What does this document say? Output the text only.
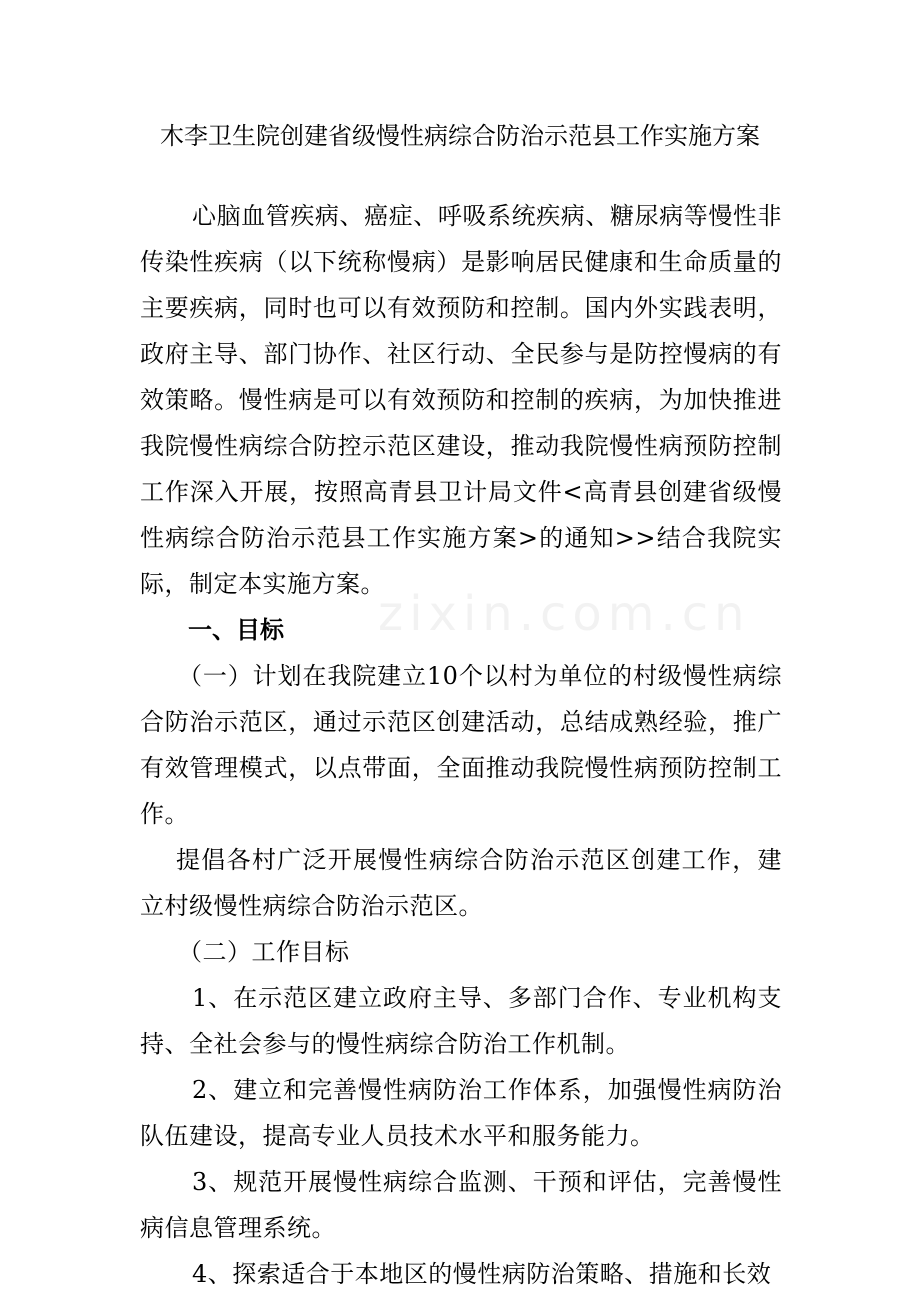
zixin.com.cn
木李卫生院创建省级慢性病综合防治示范县工作实施方案

心脑血管疾病、癌症、呼吸系统疾病、糖尿病等慢性非传染性疾病（以下统称慢病）是影响居民健康和生命质量的主要疾病，同时也可以有效预防和控制。国内外实践表明，政府主导、部门协作、社区行动、全民参与是防控慢病的有效策略。慢性病是可以有效预防和控制的疾病，为加快推进我院慢性病综合防控示范区建设，推动我院慢性病预防控制工作深入开展，按照高青县卫计局文件<高青县创建省级慢性病综合防治示范县工作实施方案>的通知>>结合我院实际，制定本实施方案。

一、目标

（一）计划在我院建立10个以村为单位的村级慢性病综合防治示范区，通过示范区创建活动，总结成熟经验，推广有效管理模式，以点带面，全面推动我院慢性病预防控制工作。

提倡各村广泛开展慢性病综合防治示范区创建工作，建立村级慢性病综合防治示范区。

（二）工作目标

1、在示范区建立政府主导、多部门合作、专业机构支持、全社会参与的慢性病综合防治工作机制。

2、建立和完善慢性病防治工作体系，加强慢性病防治队伍建设，提高专业人员技术水平和服务能力。

3、规范开展慢性病综合监测、干预和评估，完善慢性病信息管理系统。

4、探索适合于本地区的慢性病防治策略、措施和长效
